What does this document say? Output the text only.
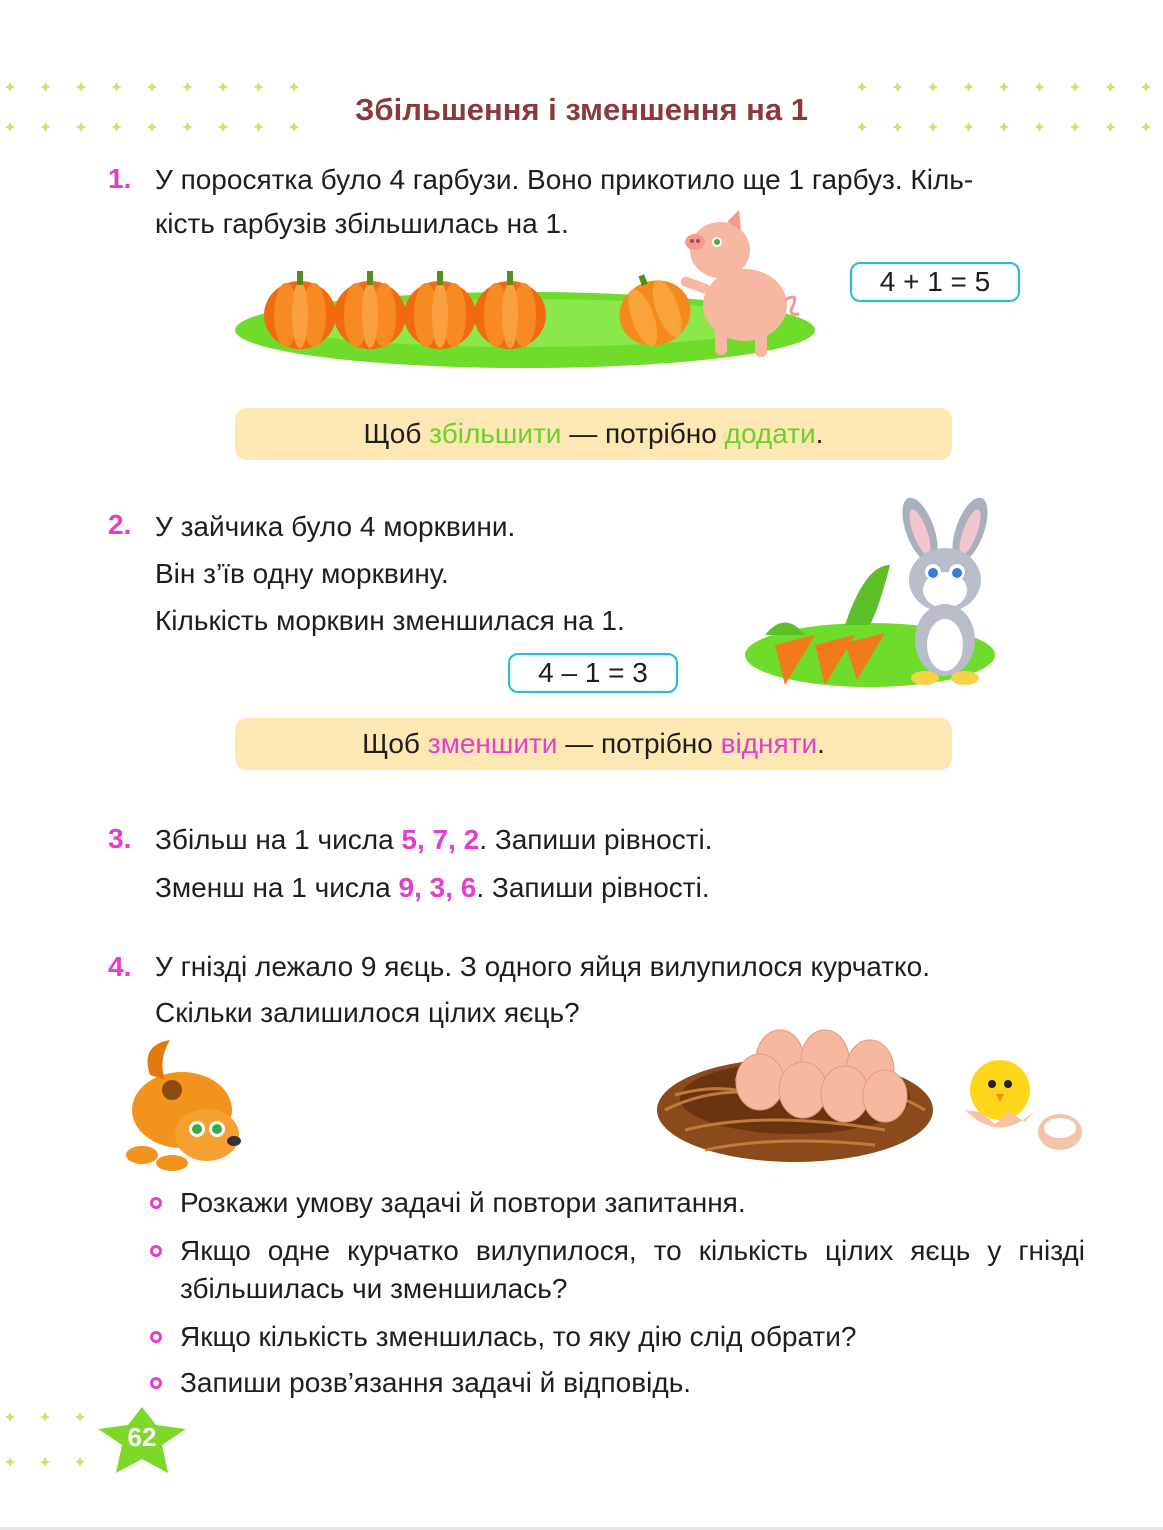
Збільшення і зменшення на 1
1. У поросятка було 4 гарбузи. Воно прикотило ще 1 гарбуз. Кіль-
кість гарбузів збільшилась на 1.
4 + 1 = 5
Щоб збільшити — потрібно додати.
2. У зайчика було 4 морквини.
Він з’їв одну морквину.
Кількість морквин зменшилася на 1.
4 – 1 = 3
Щоб зменшити — потрібно відняти.
3. Збільш на 1 числа 5, 7, 2. Запиши рівності.
Зменш на 1 числа 9, 3, 6. Запиши рівності.
4. У гнізді лежало 9 яєць. З одного яйця вилупилося курчатко.
Скільки залишилося цілих яєць?
Розкажи умову задачі й повтори запитання.
Якщо одне курчатко вилупилося, то кількість цілих яєць у гнізді збільшилась чи зменшилась?
Якщо кількість зменшилась, то яку дію слід обрати?
Запиши розв’язання задачі й відповідь.
62
